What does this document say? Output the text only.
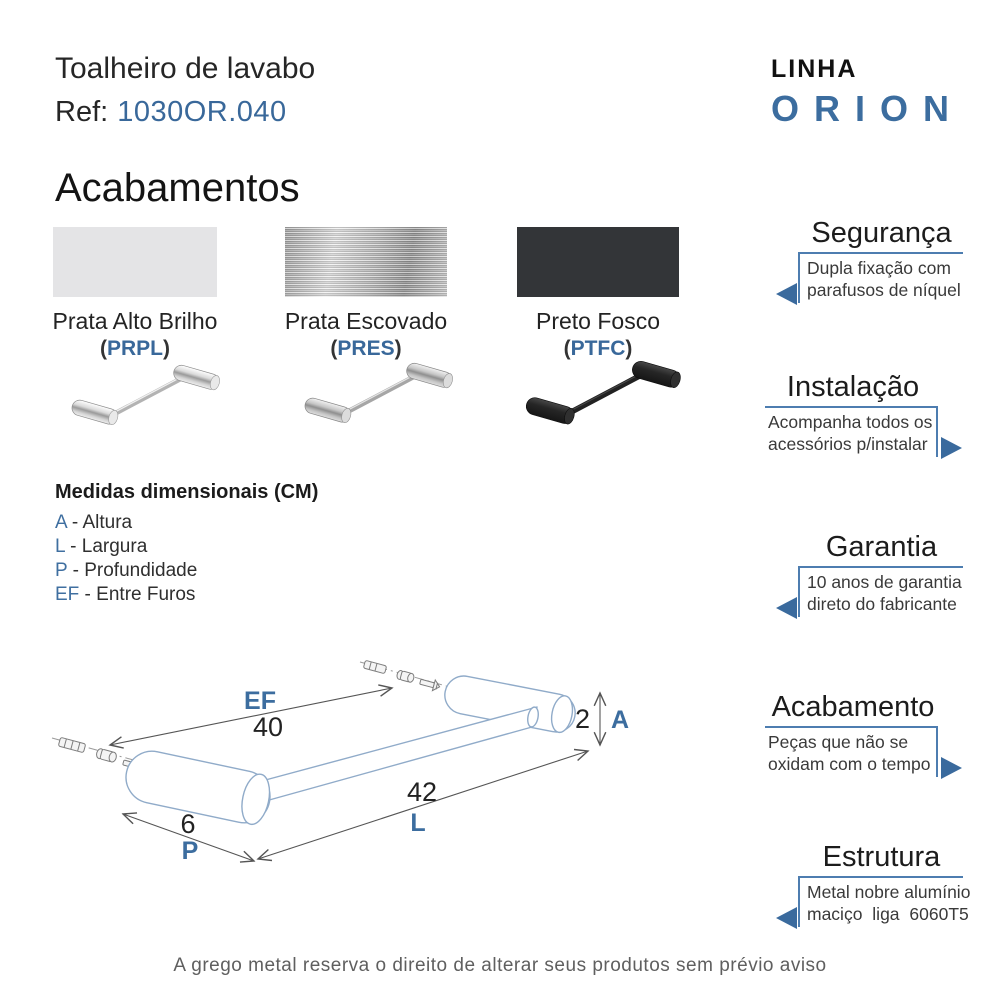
Toalheiro de lavabo
Ref: 1030OR.040
LINHA
ORION
Acabamentos
Prata Alto Brilho	Prata Escovado	Preto Fosco
(PRPL)	(PRES)	(PTFC)
Medidas dimensionais (CM)
A - Altura
L - Largura
P - Profundidade
EF - Entre Furos
EF
40	2 A
42
L
6
P
Segurança
Dupla fixação com
parafusos de níquel
Instalação
Acompanha todos os
acessórios p/instalar
Garantia
10 anos de garantia
direto do fabricante
Acabamento
Peças que não se
oxidam com o tempo
Estrutura
Metal nobre alumínio
maciço liga 6060T5
A grego metal reserva o direito de alterar seus produtos sem prévio aviso
